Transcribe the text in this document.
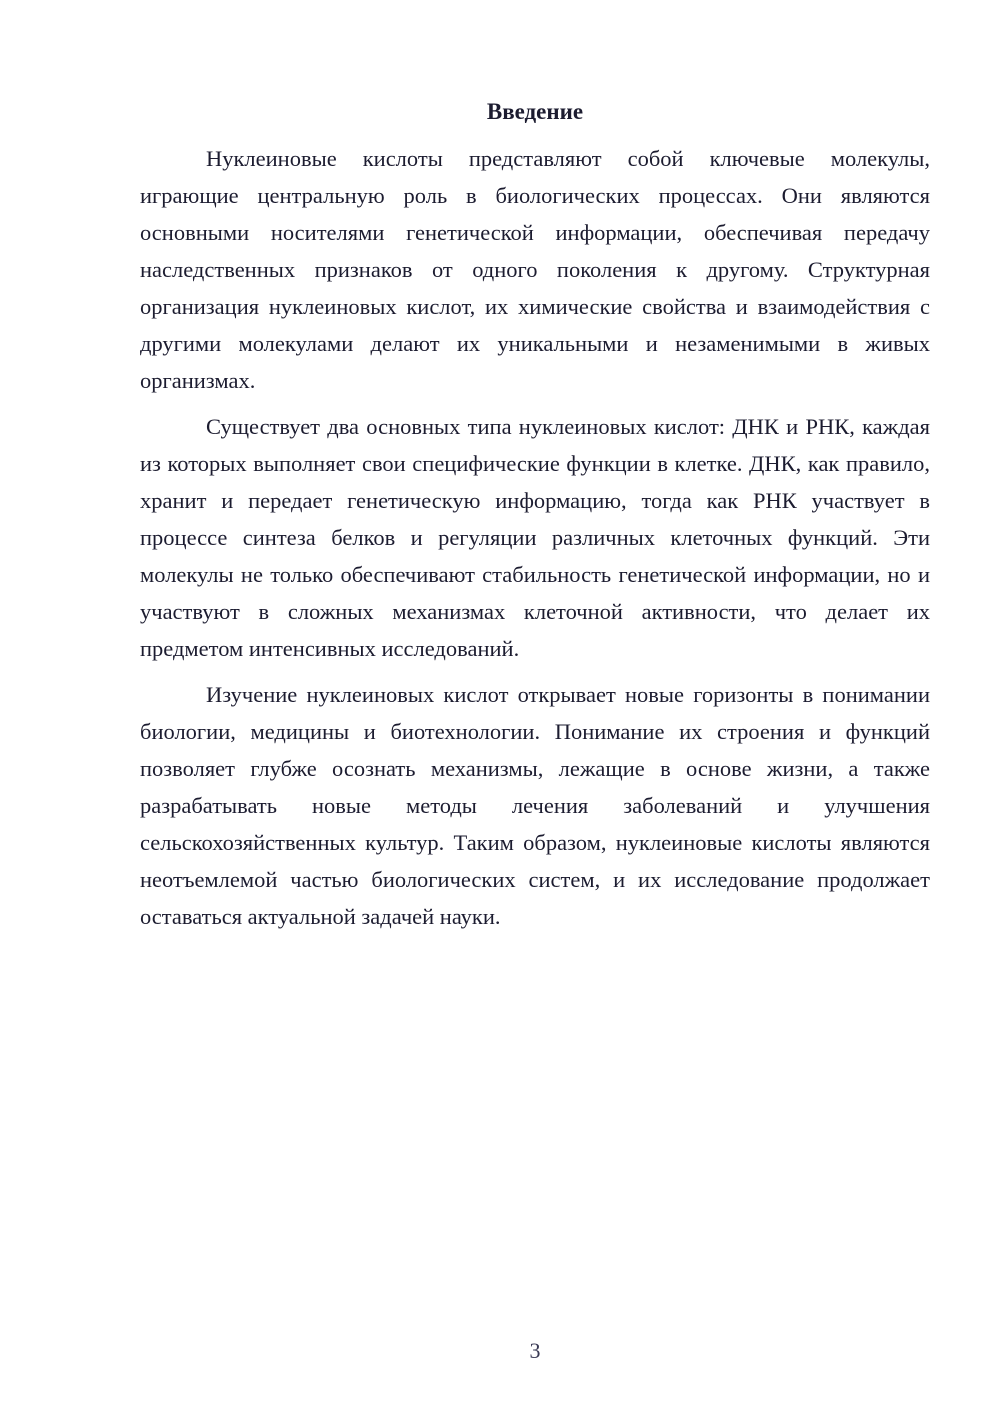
Введение

Нуклеиновые кислоты представляют собой ключевые молекулы, играющие центральную роль в биологических процессах. Они являются основными носителями генетической информации, обеспечивая передачу наследственных признаков от одного поколения к другому. Структурная организация нуклеиновых кислот, их химические свойства и взаимодействия с другими молекулами делают их уникальными и незаменимыми в живых организмах.

Существует два основных типа нуклеиновых кислот: ДНК и РНК, каждая из которых выполняет свои специфические функции в клетке. ДНК, как правило, хранит и передает генетическую информацию, тогда как РНК участвует в процессе синтеза белков и регуляции различных клеточных функций. Эти молекулы не только обеспечивают стабильность генетической информации, но и участвуют в сложных механизмах клеточной активности, что делает их предметом интенсивных исследований.

Изучение нуклеиновых кислот открывает новые горизонты в понимании биологии, медицины и биотехнологии. Понимание их строения и функций позволяет глубже осознать механизмы, лежащие в основе жизни, а также разрабатывать новые методы лечения заболеваний и улучшения сельскохозяйственных культур. Таким образом, нуклеиновые кислоты являются неотъемлемой частью биологических систем, и их исследование продолжает оставаться актуальной задачей науки.

3
